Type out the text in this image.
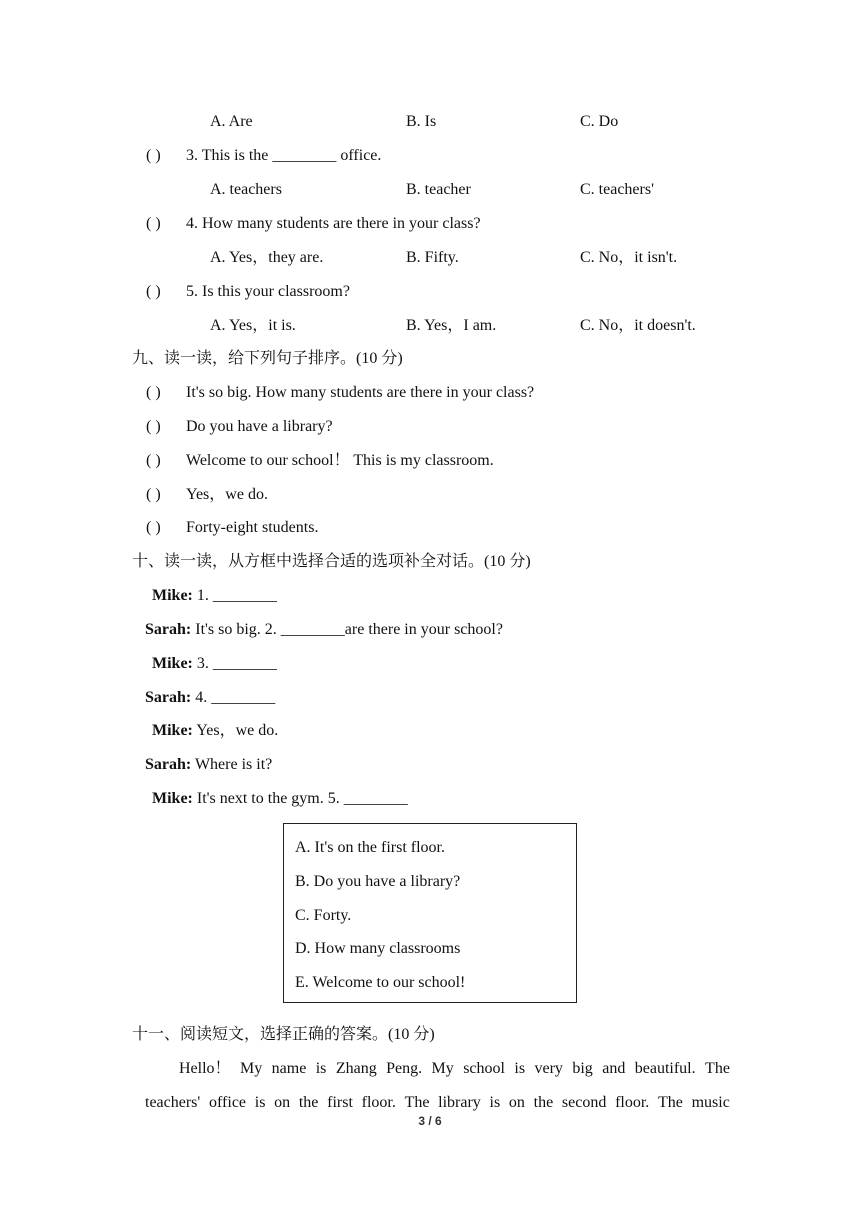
A. Are	B. Is	C. Do
( ) 3. This is the ________ office.
A. teachers	B. teacher	C. teachers'
( ) 4. How many students are there in your class?
A. Yes，they are.	B. Fifty.	C. No，it isn't.
( ) 5. Is this your classroom?
A. Yes，it is.	B. Yes，I am.	C. No，it doesn't.
九、读一读，给下列句子排序。(10 分)
( ) It's so big. How many students are there in your class?
( ) Do you have a library?
( ) Welcome to our school！ This is my classroom.
( ) Yes，we do.
( ) Forty-eight students.
十、读一读，从方框中选择合适的选项补全对话。(10 分)
Mike: 1. ________
Sarah: It's so big. 2. ________are there in your school?
Mike: 3. ________
Sarah: 4. ________
Mike: Yes，we do.
Sarah: Where is it?
Mike: It's next to the gym. 5. ________
A. It's on the first floor.
B. Do you have a library?
C. Forty.
D. How many classrooms
E. Welcome to our school!
十一、阅读短文，选择正确的答案。(10 分)
Hello！ My name is Zhang Peng. My school is very big and beautiful. The
teachers' office is on the first floor. The library is on the second floor. The music
3 / 6
